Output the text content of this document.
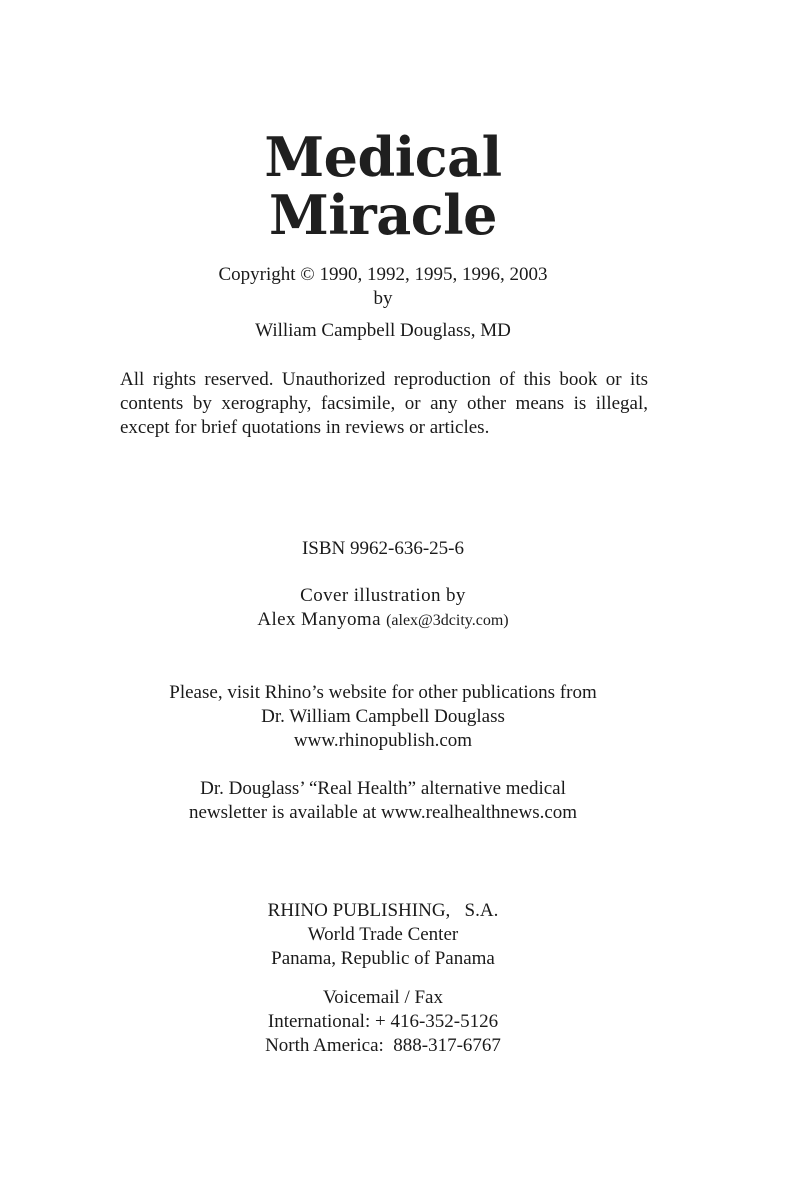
Medical
Miracle
Copyright © 1990, 1992, 1995, 1996, 2003
by
William Campbell Douglass, MD
All rights reserved. Unauthorized reproduction of this book or its contents by xerography, facsimile, or any other means is illegal, except for brief quotations in reviews or articles.
ISBN 9962-636-25-6
Cover illustration by
Alex Manyoma (alex@3dcity.com)
Please, visit Rhino’s website for other publications from
Dr. William Campbell Douglass
www.rhinopublish.com
Dr. Douglass’ “Real Health” alternative medical
newsletter is available at www.realhealthnews.com
RHINO PUBLISHING,   S.A.
World Trade Center
Panama, Republic of Panama
Voicemail / Fax
International: + 416-352-5126
North America:  888-317-6767
